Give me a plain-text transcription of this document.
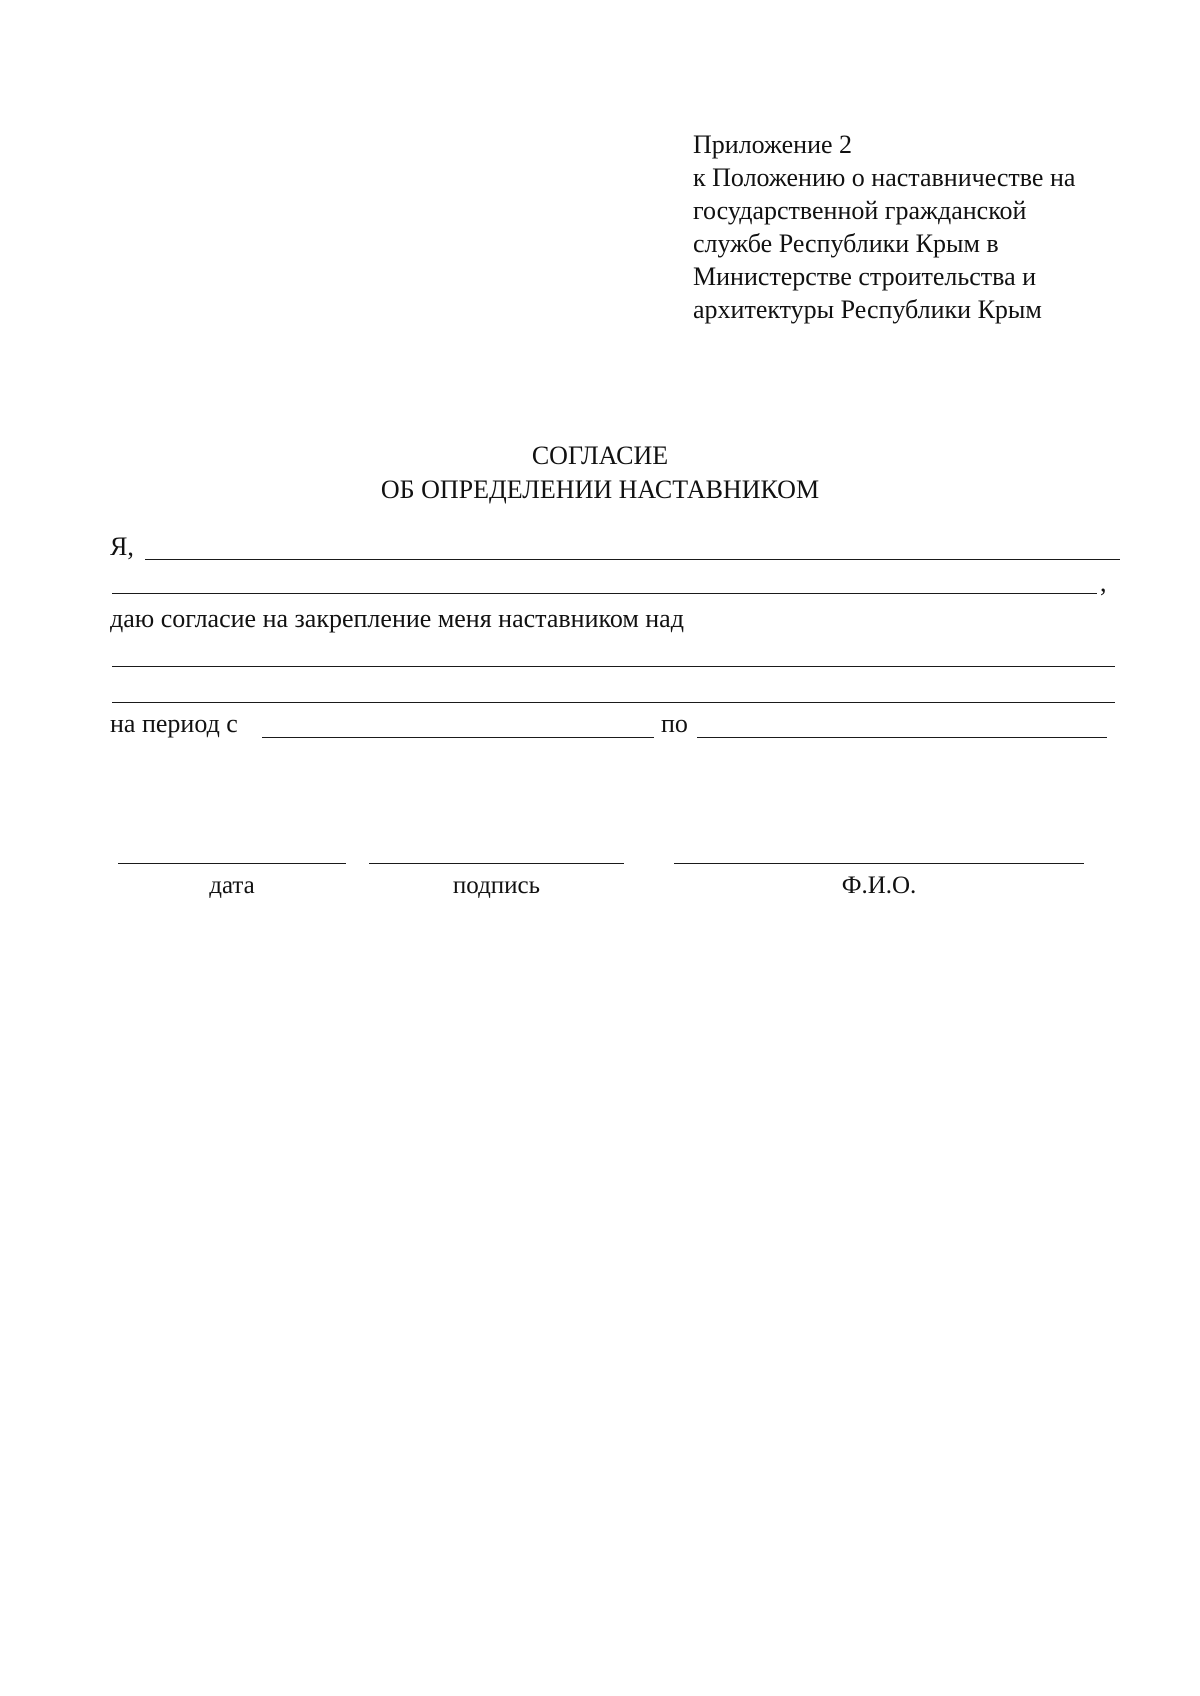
Приложение 2
к Положению о наставничестве на
государственной гражданской
службе Республики Крым в
Министерстве строительства и
архитектуры Республики Крым
СОГЛАСИЕ
ОБ ОПРЕДЕЛЕНИИ НАСТАВНИКОМ
Я,
,
даю согласие на закрепление меня наставником над
на период с	по
дата	подпись	Ф.И.О.
